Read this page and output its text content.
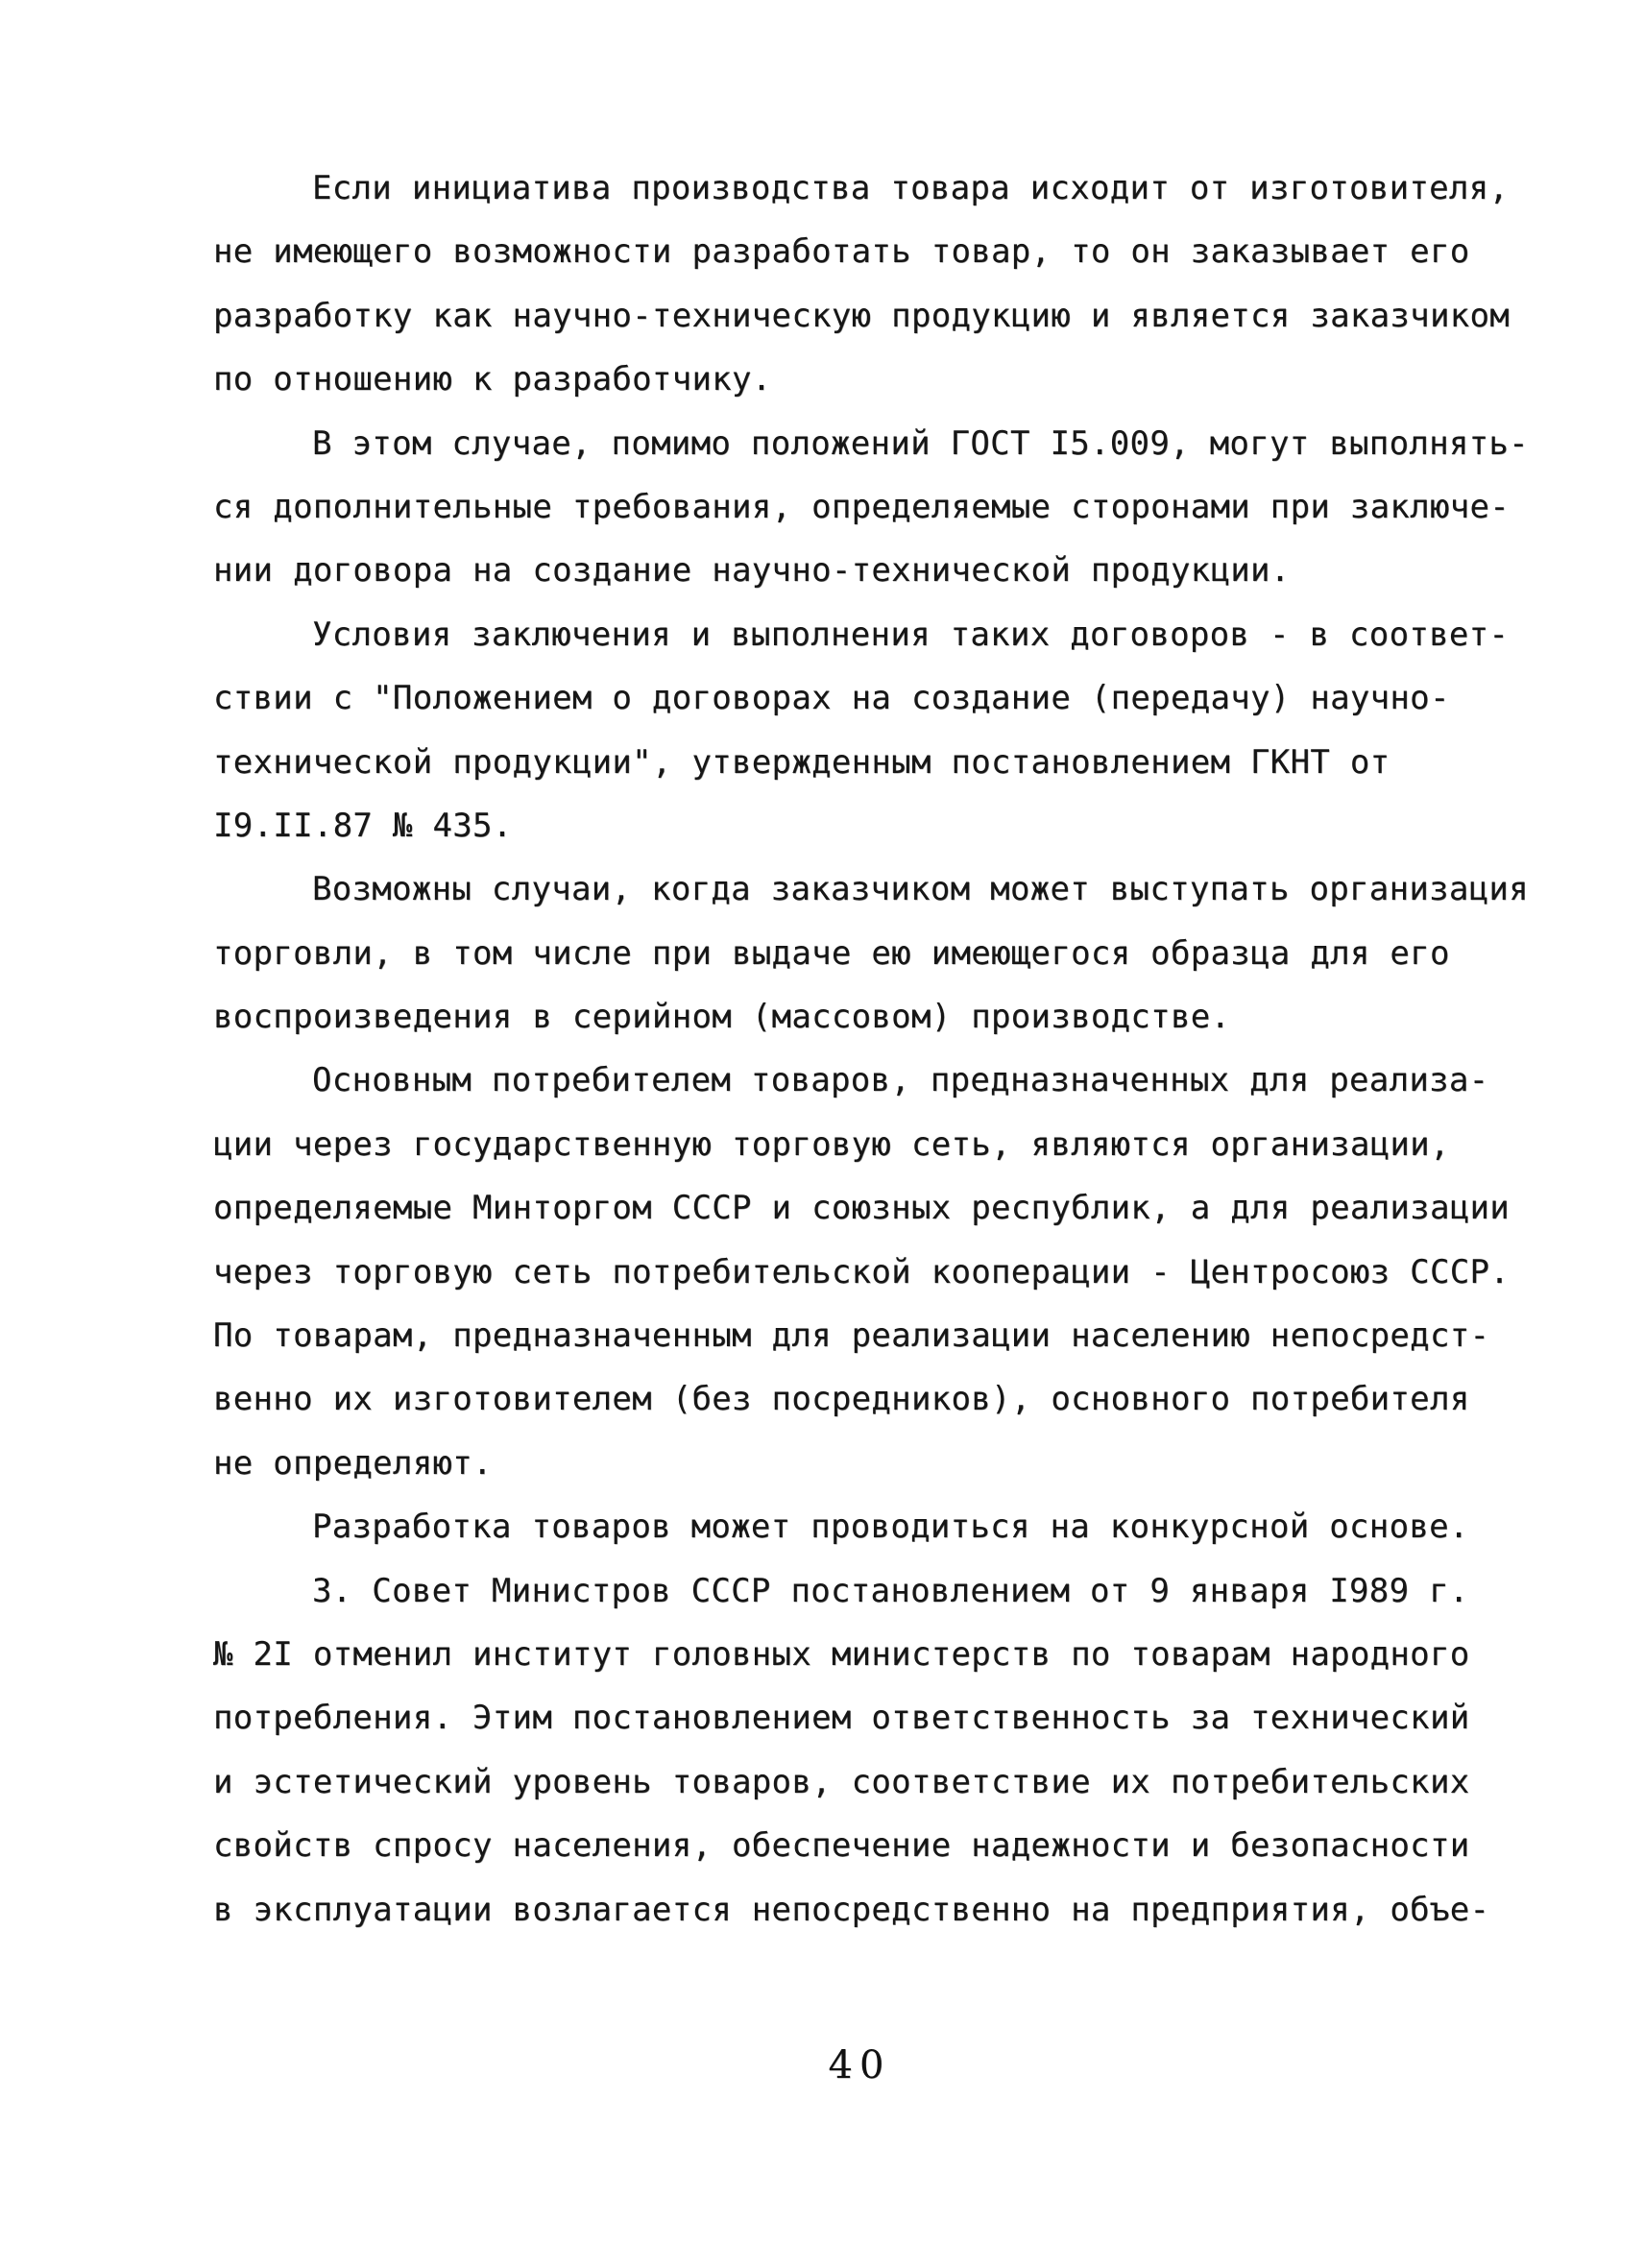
Если инициатива производства товара исходит от изготовителя,
не имеющего возможности разработать товар, то он заказывает его
разработку как научно-техническую продукцию и является заказчиком
по отношению к разработчику.
В этом случае, помимо положений ГОСТ I5.009, могут выполнять-
ся дополнительные требования, определяемые сторонами при заключе-
нии договора на создание научно-технической продукции.
Условия заключения и выполнения таких договоров - в соответ-
ствии с "Положением о договорах на создание (передачу) научно-
технической продукции", утвержденным постановлением ГКНТ от
I9.II.87 № 435.
Возможны случаи, когда заказчиком может выступать организация
торговли, в том числе при выдаче ею имеющегося образца для его
воспроизведения в серийном (массовом) производстве.
Основным потребителем товаров, предназначенных для реализа-
ции через государственную торговую сеть, являются организации,
определяемые Минторгом СССР и союзных республик, а для реализации
через торговую сеть потребительской кооперации - Центросоюз СССР.
По товарам, предназначенным для реализации населению непосредст-
венно их изготовителем (без посредников), основного потребителя
не определяют.
Разработка товаров может проводиться на конкурсной основе.
3. Совет Министров СССР постановлением от 9 января I989 г.
№ 2I отменил институт головных министерств по товарам народного
потребления. Этим постановлением ответственность за технический
и эстетический уровень товаров, соответствие их потребительских
свойств спросу населения, обеспечение надежности и безопасности
в эксплуатации возлагается непосредственно на предприятия, объе-
40
